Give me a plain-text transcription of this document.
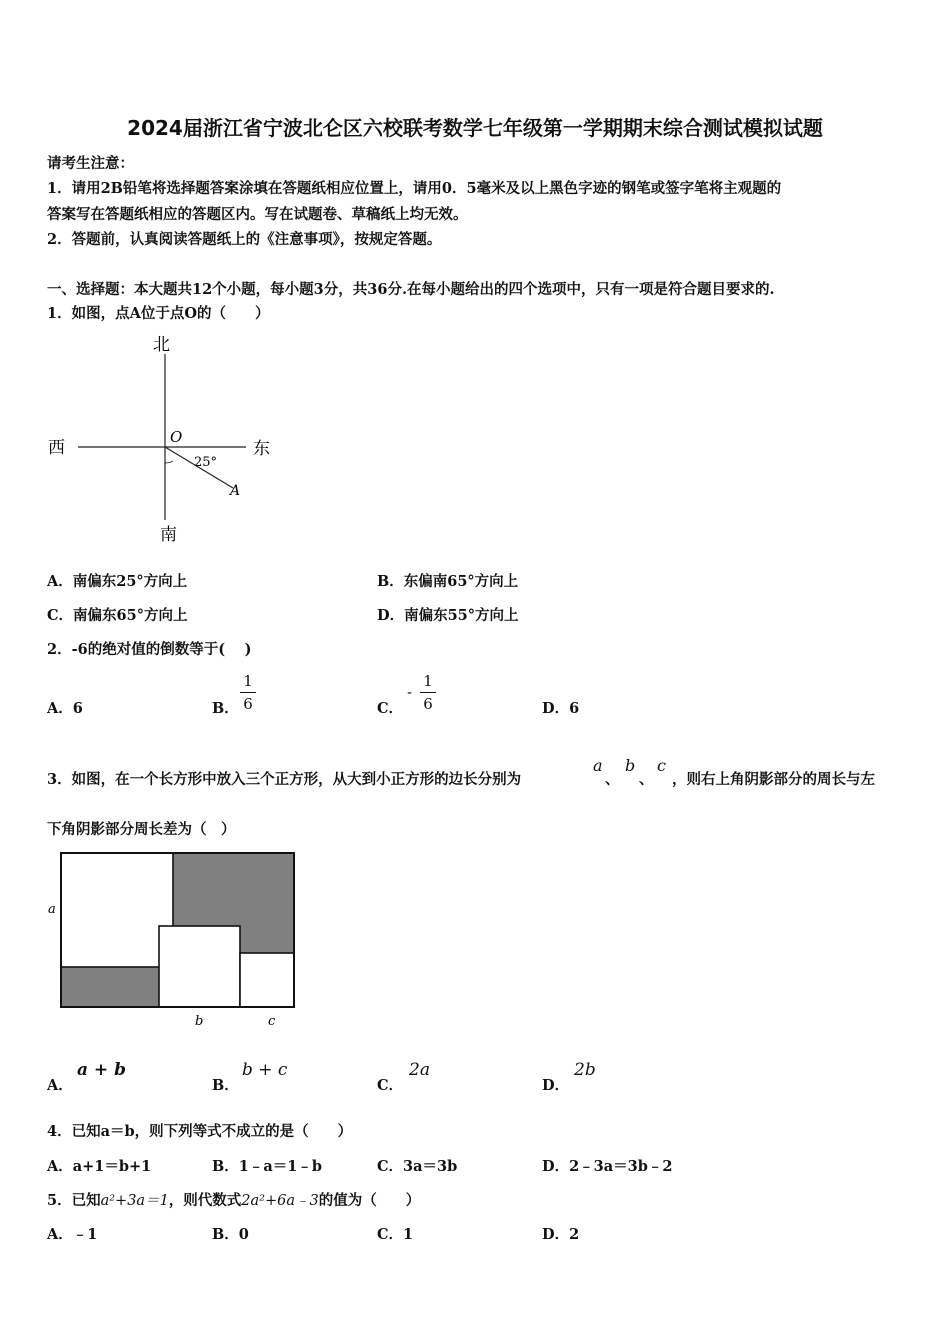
2024届浙江省宁波北仑区六校联考数学七年级第一学期期末综合测试模拟试题
请考生注意：
1．请用2B铅笔将选择题答案涂填在答题纸相应位置上，请用0．5毫米及以上黑色字迹的钢笔或签字笔将主观题的
答案写在答题纸相应的答题区内。写在试题卷、草稿纸上均无效。
2．答题前，认真阅读答题纸上的《注意事项》，按规定答题。
一、选择题：本大题共12个小题，每小题3分，共36分.在每小题给出的四个选项中，只有一项是符合题目要求的.
1．如图，点A位于点O的（　　）
北
南
西	东
O
A
25°
A．南偏东25°方向上	B．东偏南65°方向上
C．南偏东65°方向上	D．南偏东55°方向上
2．-6的绝对值的倒数等于(　 )
A．6	B．
1
6	C．
-
1
6	D．6
3．如图，在一个长方形中放入三个正方形，从大到小正方形的边长分别为
a
、
b
、
c
，则右上角阴影部分的周长与左
下角阴影部分周长差为（　）
a
b	c
A．
a + b
B．
b + c
C．
2a
D．
2b
4．已知a＝b，则下列等式不成立的是（　　）
A．a+1＝b+1	B．1﹣a＝1﹣b	C．3a＝3b	D．2﹣3a＝3b﹣2
5．已知a²+3a＝1，则代数式2a²+6a﹣3的值为（　　）
A．﹣1	B．0	C．1	D．2
